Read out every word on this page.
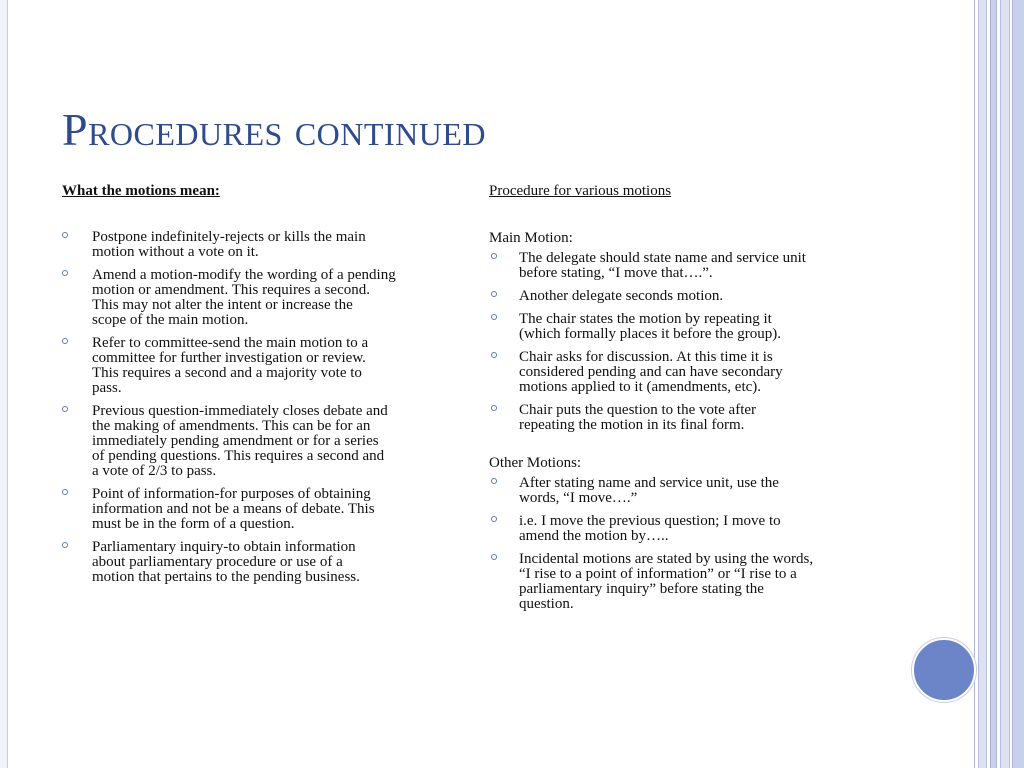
Procedures continued

What the motions mean:

Postpone indefinitely-rejects or kills the main
motion without a vote on it.
Amend a motion-modify the wording of a pending
motion or amendment. This requires a second.
This may not alter the intent or increase the
scope of the main motion.
Refer to committee-send the main motion to a
committee for further investigation or review.
This requires a second and a majority vote to
pass.
Previous question-immediately closes debate and
the making of amendments. This can be for an
immediately pending amendment or for a series
of pending questions. This requires a second and
a vote of 2/3 to pass.
Point of information-for purposes of obtaining
information and not be a means of debate. This
must be in the form of a question.
Parliamentary inquiry-to obtain information
about parliamentary procedure or use of a
motion that pertains to the pending business.

Procedure for various motions

Main Motion:

The delegate should state name and service unit
before stating, “I move that….”.
Another delegate seconds motion.
The chair states the motion by repeating it
(which formally places it before the group).
Chair asks for discussion. At this time it is
considered pending and can have secondary
motions applied to it (amendments, etc).
Chair puts the question to the vote after
repeating the motion in its final form.

Other Motions:

After stating name and service unit, use the
words, “I move….”
i.e. I move the previous question; I move to
amend the motion by…..
Incidental motions are stated by using the words,
“I rise to a point of information” or “I rise to a
parliamentary inquiry” before stating the
question.
